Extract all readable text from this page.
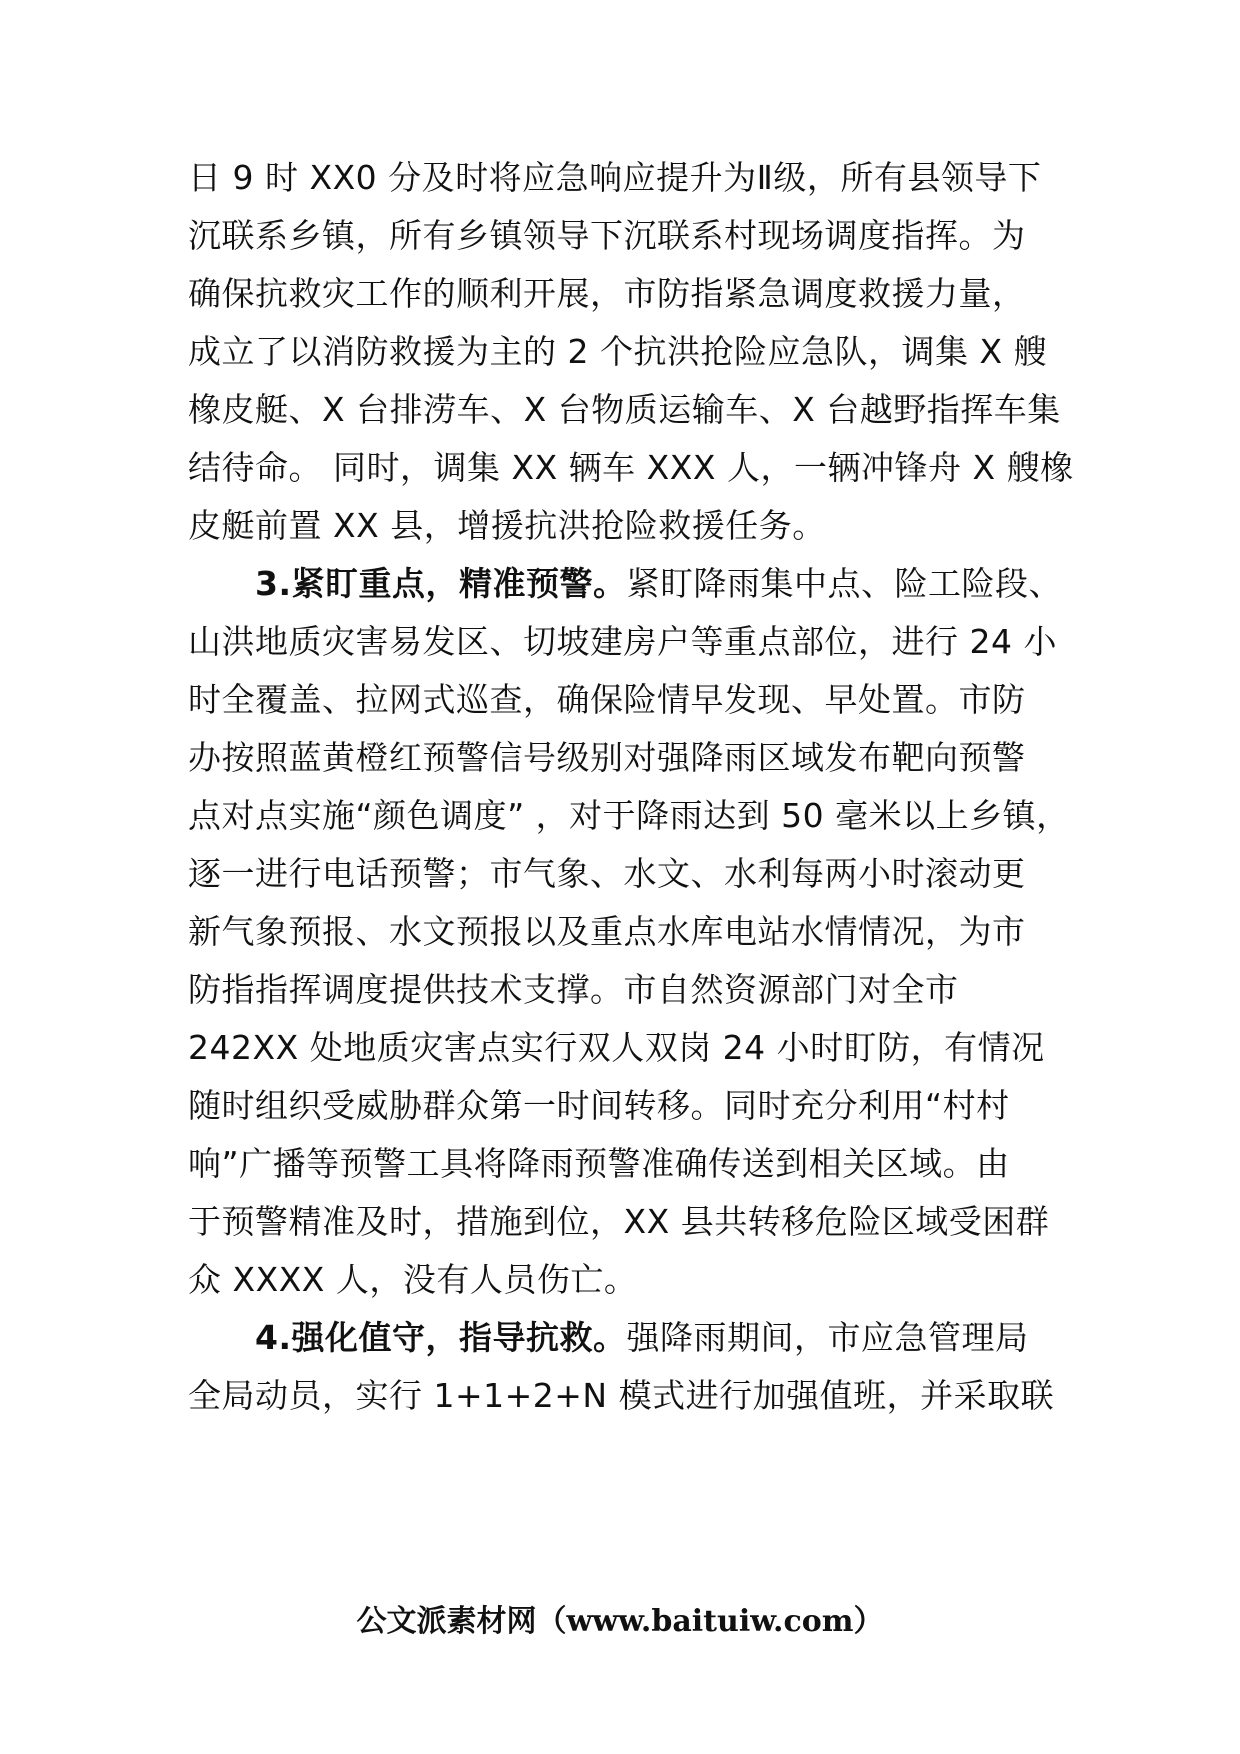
日 9 时 XX0 分及时将应急响应提升为Ⅱ级，所有县领导下
沉联系乡镇，所有乡镇领导下沉联系村现场调度指挥。为
确保抗救灾工作的顺利开展，市防指紧急调度救援力量，
成立了以消防救援为主的 2 个抗洪抢险应急队，调集 X 艘
橡皮艇、X 台排涝车、X 台物质运输车、X 台越野指挥车集
结待命。 同时，调集 XX 辆车 XXX 人，一辆冲锋舟 X 艘橡
皮艇前置 XX 县，增援抗洪抢险救援任务。
3.紧盯重点，精准预警。紧盯降雨集中点、险工险段、
山洪地质灾害易发区、切坡建房户等重点部位，进行 24 小
时全覆盖、拉网式巡查，确保险情早发现、早处置。市防
办按照蓝黄橙红预警信号级别对强降雨区域发布靶向预警
点对点实施“颜色调度” ，对于降雨达到 50 毫米以上乡镇，
逐一进行电话预警；市气象、水文、水利每两小时滚动更
新气象预报、水文预报以及重点水库电站水情情况，为市
防指指挥调度提供技术支撑。市自然资源部门对全市
242XX 处地质灾害点实行双人双岗 24 小时盯防，有情况
随时组织受威胁群众第一时间转移。同时充分利用“村村
响”广播等预警工具将降雨预警准确传送到相关区域。由
于预警精准及时，措施到位，XX 县共转移危险区域受困群
众 XXXX 人，没有人员伤亡。
4.强化值守，指导抗救。强降雨期间，市应急管理局
全局动员，实行 1+1+2+N 模式进行加强值班，并采取联
公文派素材网（www.baituiw.com）
